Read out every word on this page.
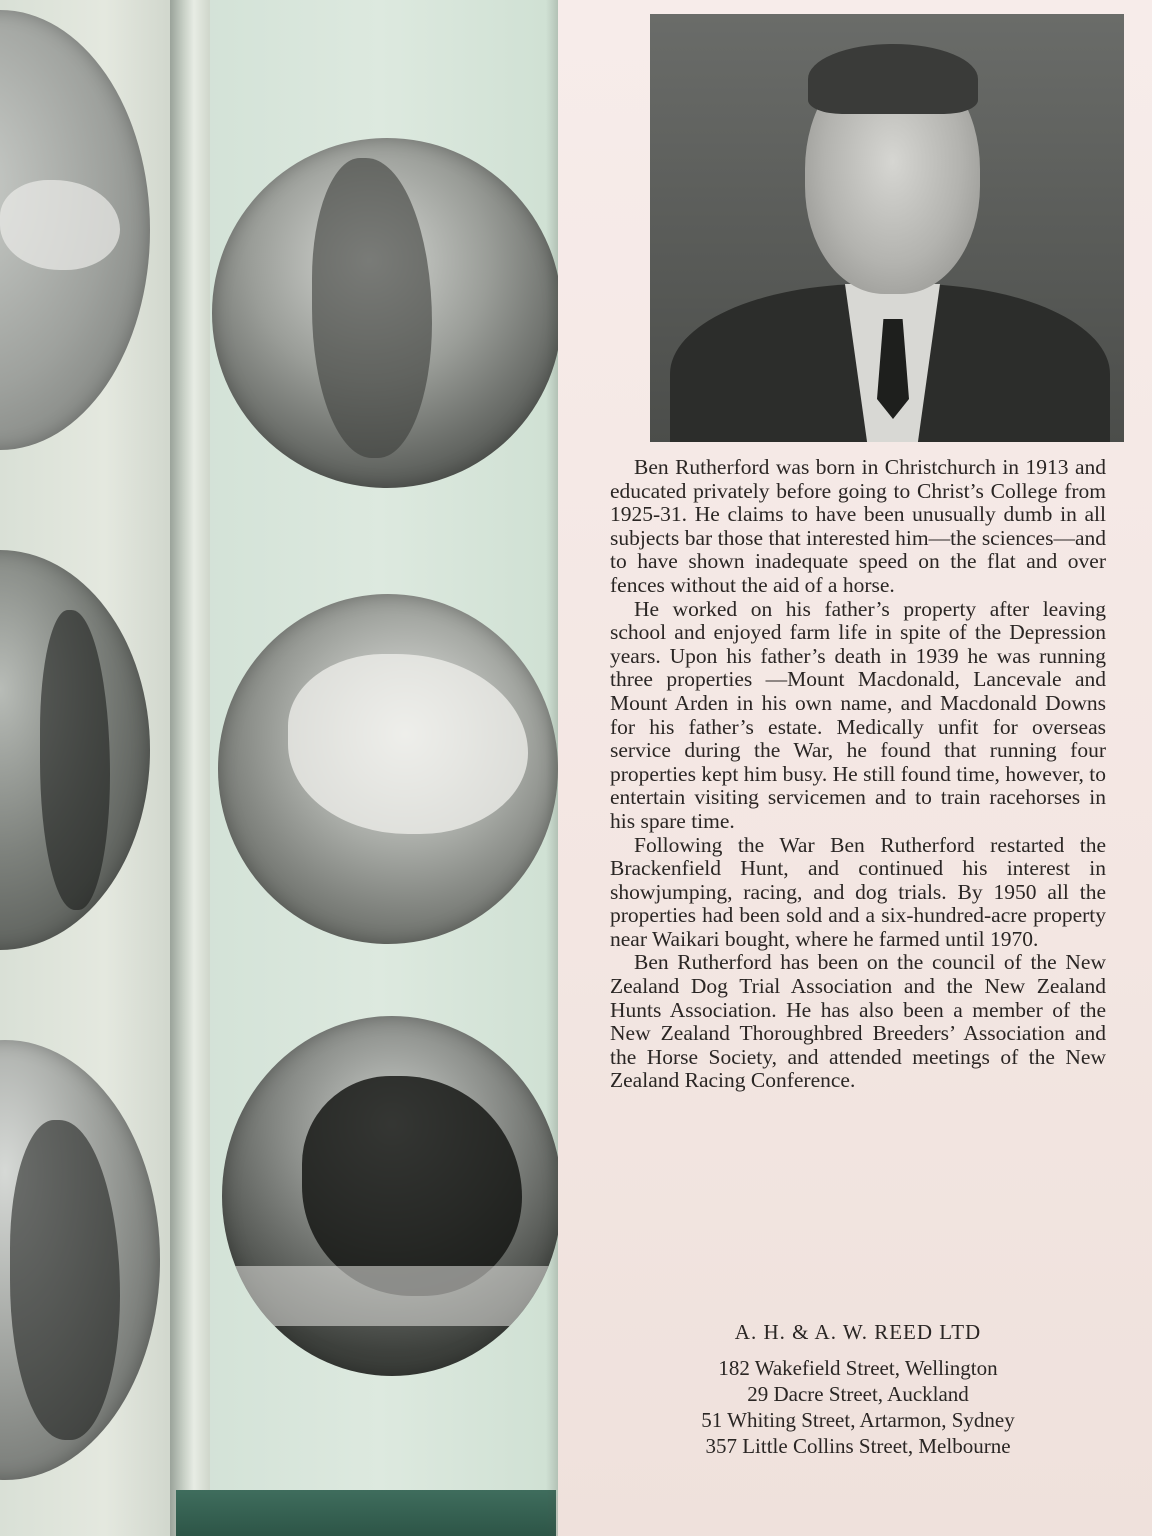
Ben Rutherford was born in Christchurch in 1913 and educated privately before going to Christ’s College from 1925-31. He claims to have been unusually dumb in all subjects bar those that interested him—the sciences—and to have shown inadequate speed on the flat and over fences without the aid of a horse.

He worked on his father’s property after leaving school and enjoyed farm life in spite of the Depression years. Upon his father’s death in 1939 he was running three properties —Mount Macdonald, Lancevale and Mount Arden in his own name, and Macdonald Downs for his father’s estate. Medically unfit for overseas service during the War, he found that running four properties kept him busy. He still found time, however, to entertain visiting servicemen and to train racehorses in his spare time.

Following the War Ben Rutherford restarted the Brackenfield Hunt, and continued his interest in showjumping, racing, and dog trials. By 1950 all the properties had been sold and a six-hundred-acre property near Waikari bought, where he farmed until 1970.

Ben Rutherford has been on the council of the New Zealand Dog Trial Association and the New Zealand Hunts Association. He has also been a member of the New Zealand Thoroughbred Breeders’ Association and the Horse Society, and attended meetings of the New Zealand Racing Conference.

A. H. & A. W. REED LTD
182 Wakefield Street, Wellington
29 Dacre Street, Auckland
51 Whiting Street, Artarmon, Sydney
357 Little Collins Street, Melbourne
